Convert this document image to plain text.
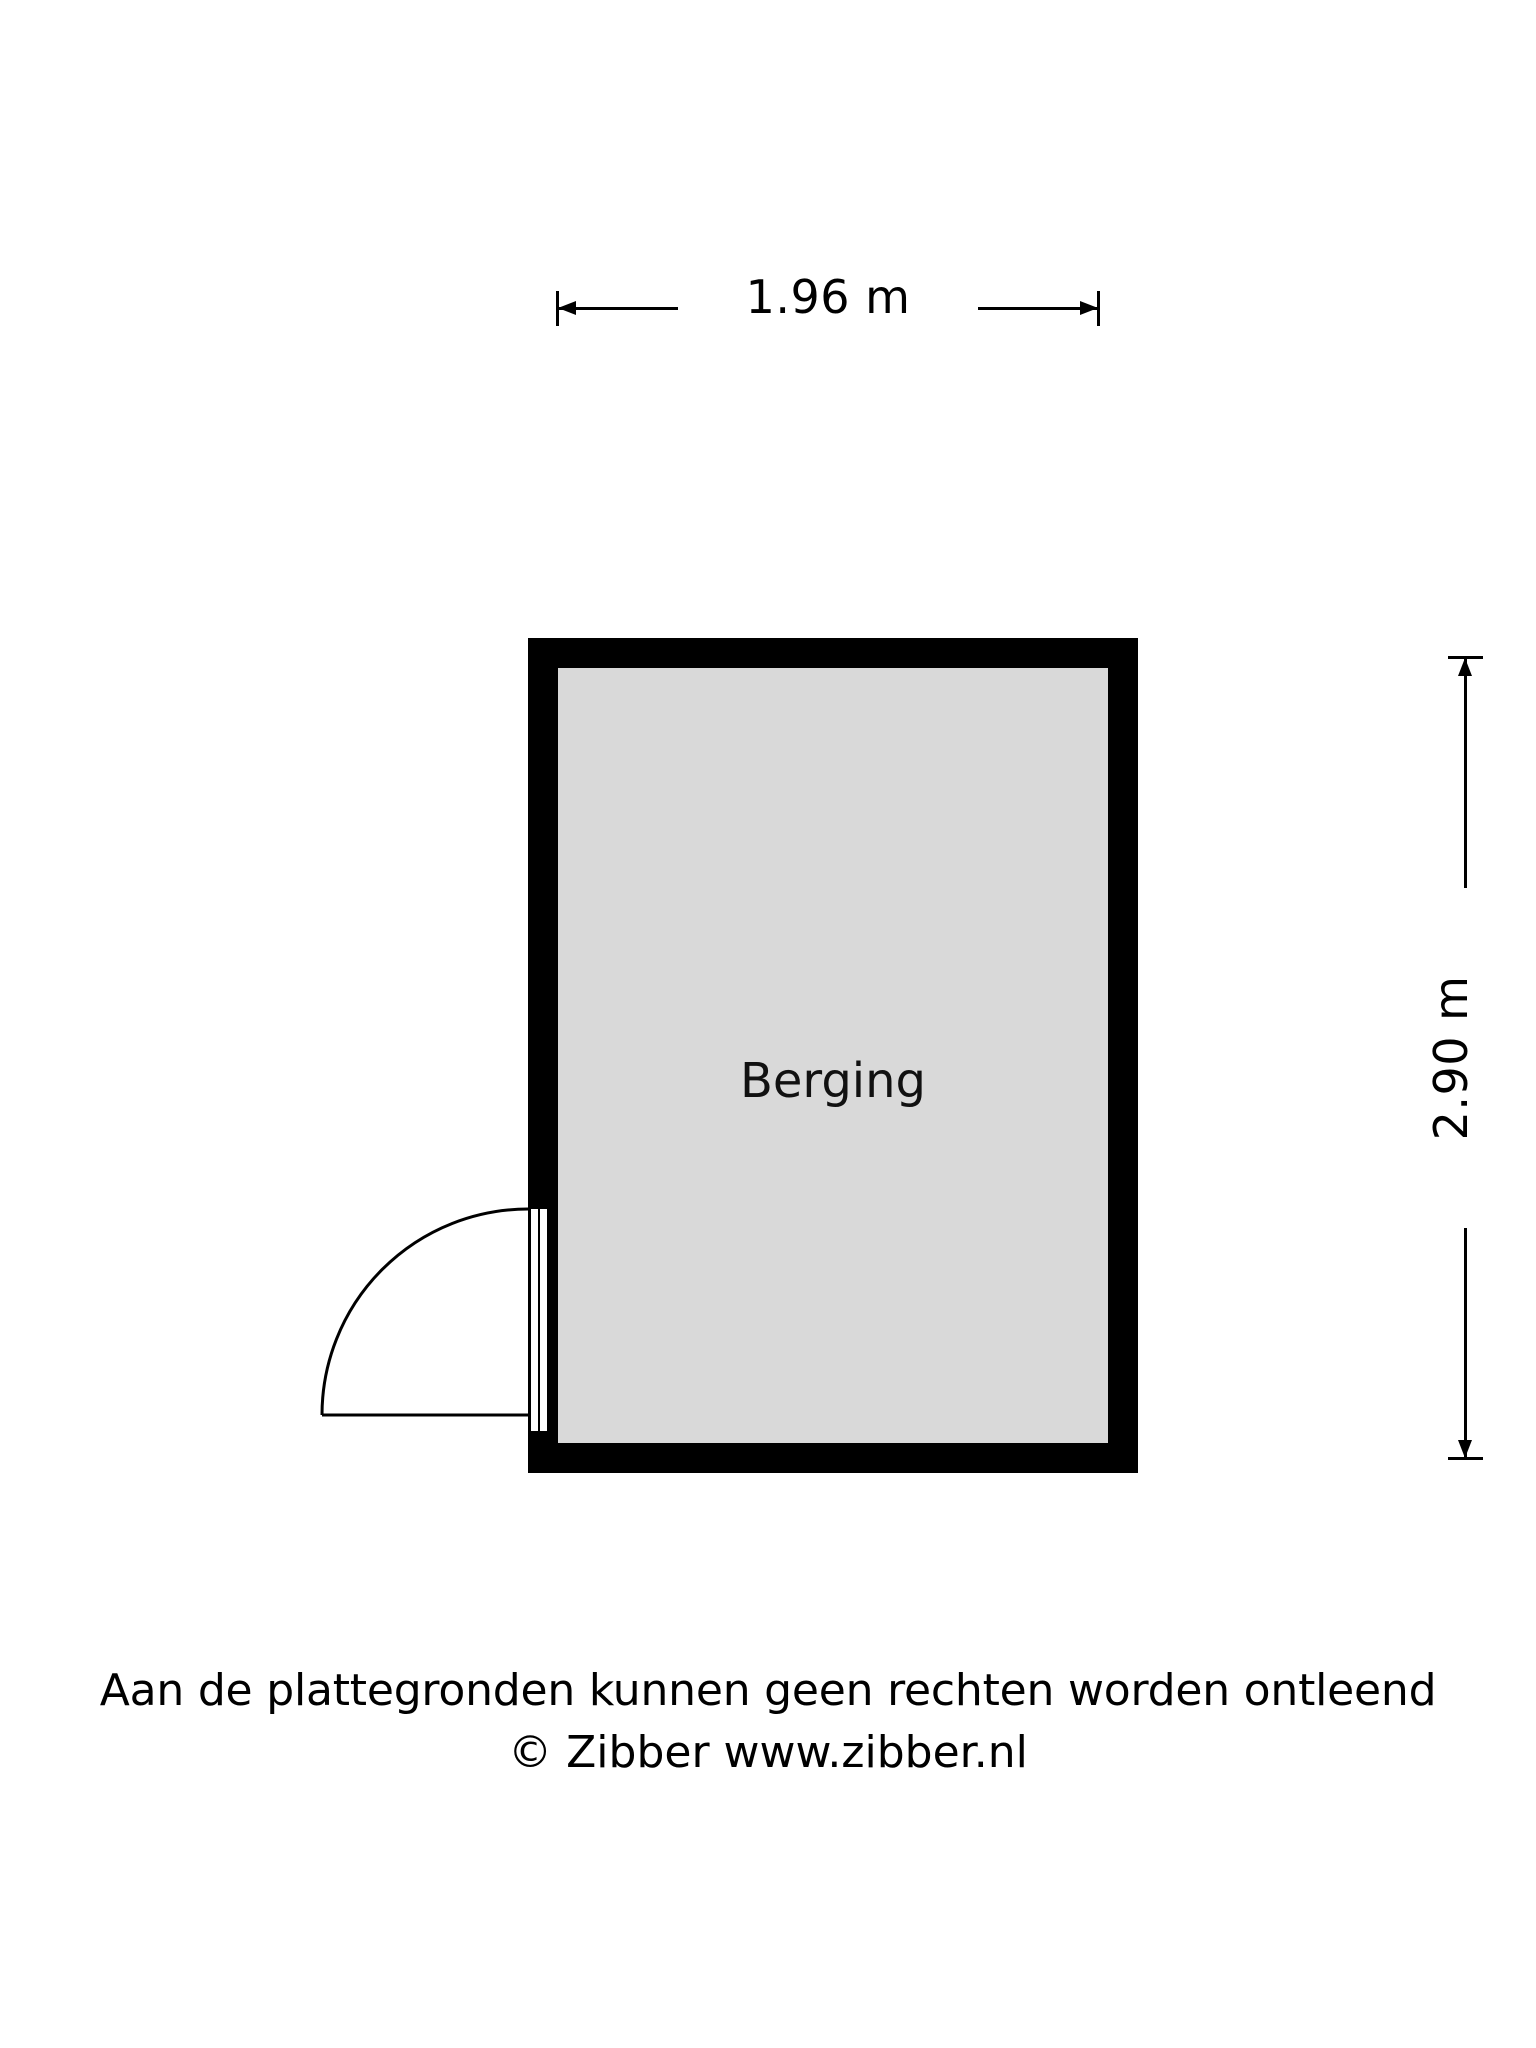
1.96 m
2.90 m
Berging
Aan de plattegronden kunnen geen rechten worden ontleend
© Zibber www.zibber.nl
